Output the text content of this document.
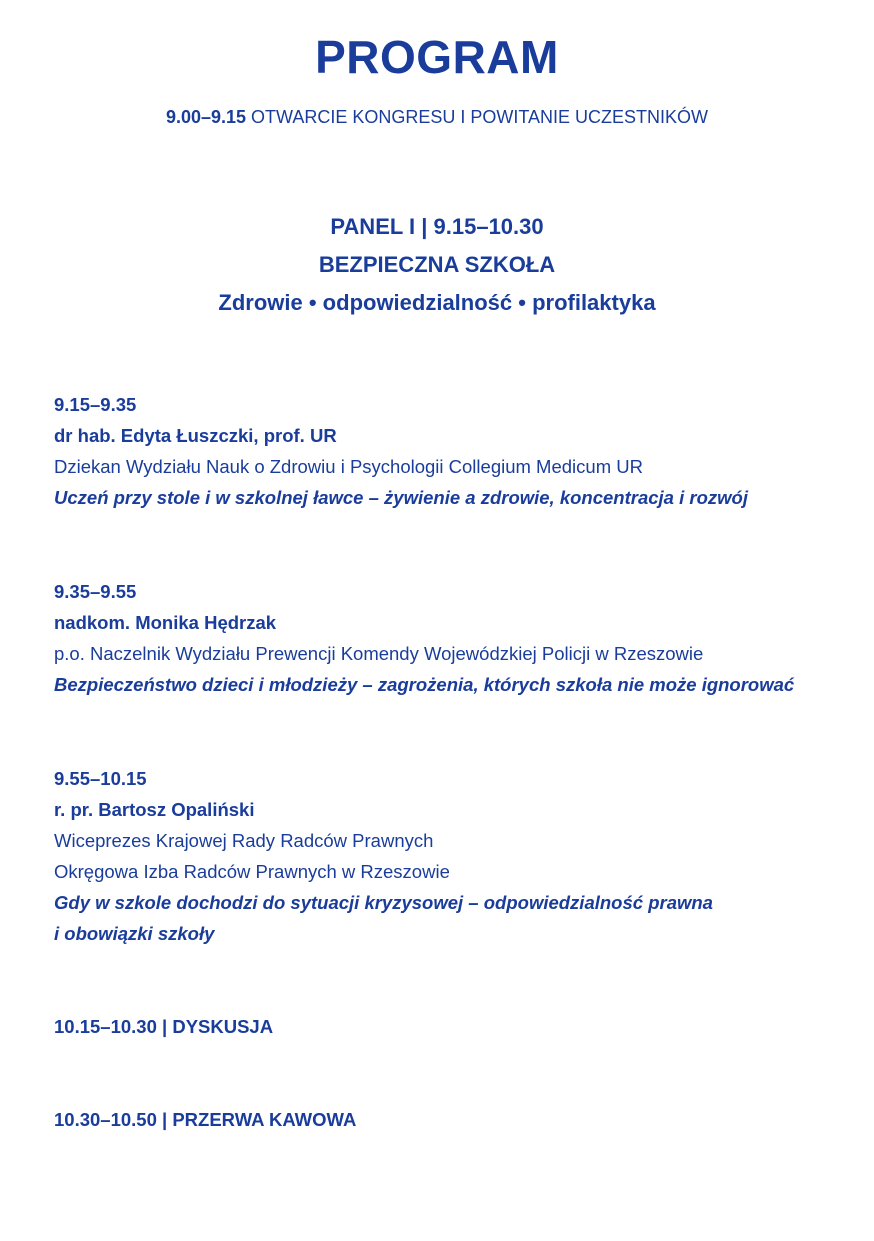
PROGRAM
9.00–9.15 OTWARCIE KONGRESU I POWITANIE UCZESTNIKÓW
PANEL I | 9.15–10.30
BEZPIECZNA SZKOŁA
Zdrowie • odpowiedzialność • profilaktyka
9.15–9.35
dr hab. Edyta Łuszczki, prof. UR
Dziekan Wydziału Nauk o Zdrowiu i Psychologii Collegium Medicum UR
Uczeń przy stole i w szkolnej ławce – żywienie a zdrowie, koncentracja i rozwój
9.35–9.55
nadkom. Monika Hędrzak
p.o. Naczelnik Wydziału Prewencji Komendy Wojewódzkiej Policji w Rzeszowie
Bezpieczeństwo dzieci i młodzieży – zagrożenia, których szkoła nie może ignorować
9.55–10.15
r. pr. Bartosz Opaliński
Wiceprezes Krajowej Rady Radców Prawnych
Okręgowa Izba Radców Prawnych w Rzeszowie
Gdy w szkole dochodzi do sytuacji kryzysowej – odpowiedzialność prawna
i obowiązki szkoły
10.15–10.30 | DYSKUSJA
10.30–10.50 | PRZERWA KAWOWA
